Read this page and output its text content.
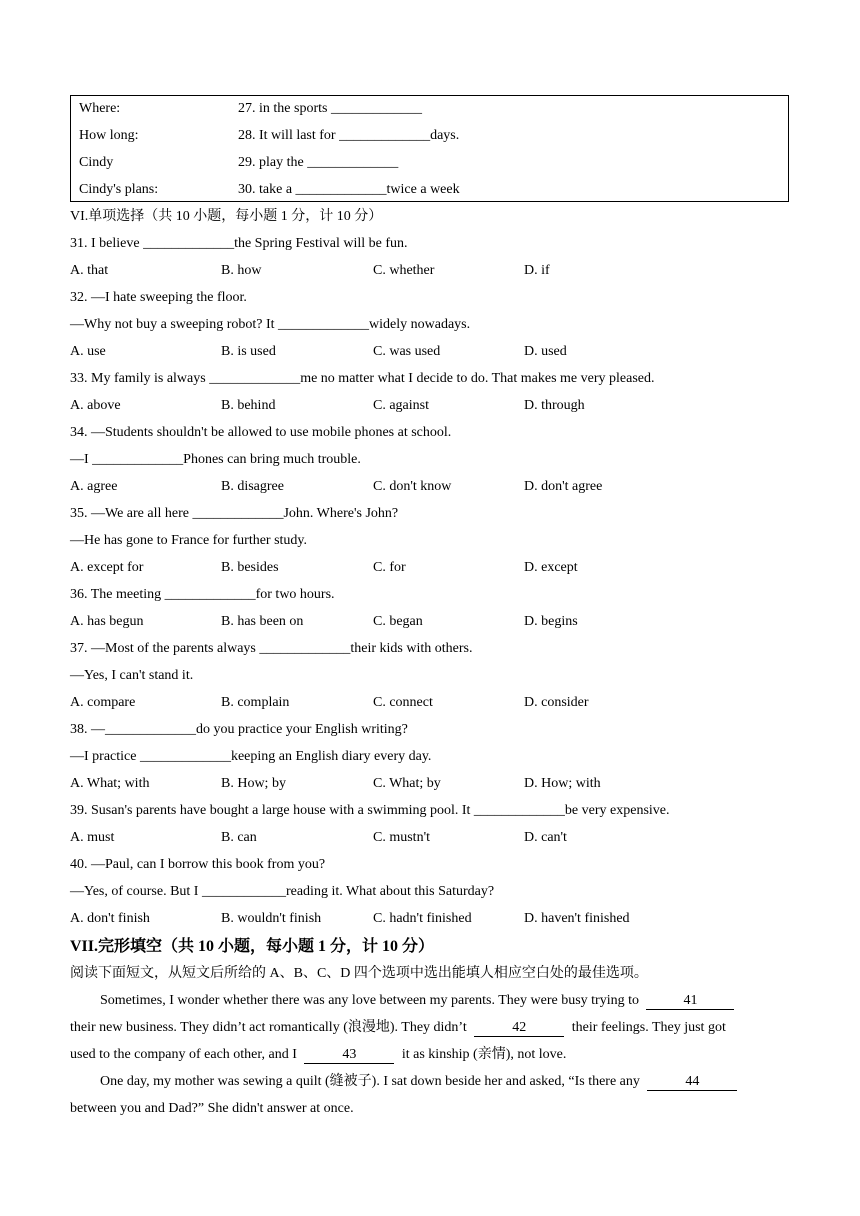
Where:	27. in the sports _____________
How long:	28. It will last for _____________days.
Cindy	29. play the _____________
Cindy's plans:	30. take a _____________twice a week
VI.单项选择（共 10 小题，每小题 1 分，计 10 分）
31. I believe _____________the Spring Festival will be fun.
A. that	B. how	C. whether	D. if
32. —I hate sweeping the floor.
—Why not buy a sweeping robot? It _____________widely nowadays.
A. use	B. is used	C. was used	D. used
33. My family is always _____________me no matter what I decide to do. That makes me very pleased.
A. above	B. behind	C. against	D. through
34. —Students shouldn't be allowed to use mobile phones at school.
—I _____________Phones can bring much trouble.
A. agree	B. disagree	C. don't know	D. don't agree
35. —We are all here _____________John. Where's John?
—He has gone to France for further study.
A. except for	B. besides	C. for	D. except
36. The meeting _____________for two hours.
A. has begun	B. has been on	C. began	D. begins
37. —Most of the parents always _____________their kids with others.
—Yes, I can't stand it.
A. compare	B. complain	C. connect	D. consider
38. —_____________do you practice your English writing?
—I practice _____________keeping an English diary every day.
A. What; with	B. How; by	C. What; by	D. How; with
39. Susan's parents have bought a large house with a swimming pool. It _____________be very expensive.
A. must	B. can	C. mustn't	D. can't
40. —Paul, can I borrow this book from you?
—Yes, of course. But I ____________reading it. What about this Saturday?
A. don't finish	B. wouldn't finish	C. hadn't finished	D. haven't finished
VII.完形填空（共 10 小题，每小题 1 分，计 10 分）
阅读下面短文，从短文后所给的 A、B、C、D 四个选项中选出能填人相应空白处的最佳选项。
Sometimes, I wonder whether there was any love between my parents. They were busy trying to	41
their new business. They didn’t act romantically (浪漫地). They didn’t	42	their feelings. They just got
used to the company of each other, and I	43	it as kinship (亲情), not love.
One day, my mother was sewing a quilt (缝被子). I sat down beside her and asked, “Is there any	44
between you and Dad?” She didn't answer at once.
